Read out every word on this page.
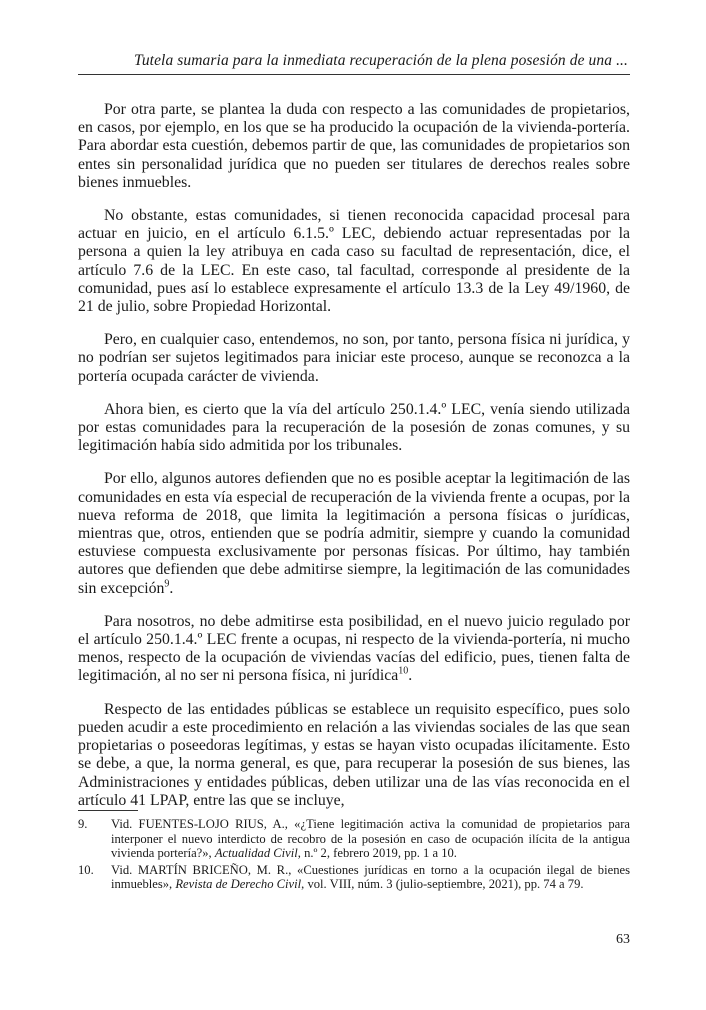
Tutela sumaria para la inmediata recuperación de la plena posesión de una ...

Por otra parte, se plantea la duda con respecto a las comunidades de propietarios, en casos, por ejemplo, en los que se ha producido la ocupación de la vivienda-portería. Para abordar esta cuestión, debemos partir de que, las comunidades de propietarios son entes sin personalidad jurídica que no pueden ser titulares de derechos reales sobre bienes inmuebles.

No obstante, estas comunidades, si tienen reconocida capacidad procesal para actuar en juicio, en el artículo 6.1.5.º LEC, debiendo actuar representadas por la persona a quien la ley atribuya en cada caso su facultad de representación, dice, el artículo 7.6 de la LEC. En este caso, tal facultad, corresponde al presidente de la comunidad, pues así lo establece expresamente el artículo 13.3 de la Ley 49/1960, de 21 de julio, sobre Propiedad Horizontal.

Pero, en cualquier caso, entendemos, no son, por tanto, persona física ni jurídica, y no podrían ser sujetos legitimados para iniciar este proceso, aunque se reconozca a la portería ocupada carácter de vivienda.

Ahora bien, es cierto que la vía del artículo 250.1.4.º LEC, venía siendo utilizada por estas comunidades para la recuperación de la posesión de zonas comunes, y su legitimación había sido admitida por los tribunales.

Por ello, algunos autores defienden que no es posible aceptar la legitimación de las comunidades en esta vía especial de recuperación de la vivienda frente a ocupas, por la nueva reforma de 2018, que limita la legitimación a persona físicas o jurídicas, mientras que, otros, entienden que se podría admitir, siempre y cuando la comunidad estuviese compuesta exclusivamente por personas físicas. Por último, hay también autores que defienden que debe admitirse siempre, la legitimación de las comunidades sin excepción$^9$.

Para nosotros, no debe admitirse esta posibilidad, en el nuevo juicio regulado por el artículo 250.1.4.º LEC frente a ocupas, ni respecto de la vivienda-portería, ni mucho menos, respecto de la ocupación de viviendas vacías del edificio, pues, tienen falta de legitimación, al no ser ni persona física, ni jurídica$^{10}$.

Respecto de las entidades públicas se establece un requisito específico, pues solo pueden acudir a este procedimiento en relación a las viviendas sociales de las que sean propietarias o poseedoras legítimas, y estas se hayan visto ocupadas ilícitamente. Esto se debe, a que, la norma general, es que, para recuperar la posesión de sus bienes, las Administraciones y entidades públicas, deben utilizar una de las vías reconocida en el artículo 41 LPAP, entre las que se incluye,

9.	Vid. FUENTES-LOJO RIUS, A., «¿Tiene legitimación activa la comunidad de propietarios para interponer el nuevo interdicto de recobro de la posesión en caso de ocupación ilícita de la antigua vivienda portería?», Actualidad Civil, n.º 2, febrero 2019, pp. 1 a 10.
10.	Vid. MARTÍN BRICEÑO, M. R., «Cuestiones jurídicas en torno a la ocupación ilegal de bienes inmuebles», Revista de Derecho Civil, vol. VIII, núm. 3 (julio-septiembre, 2021), pp. 74 a 79.
63
